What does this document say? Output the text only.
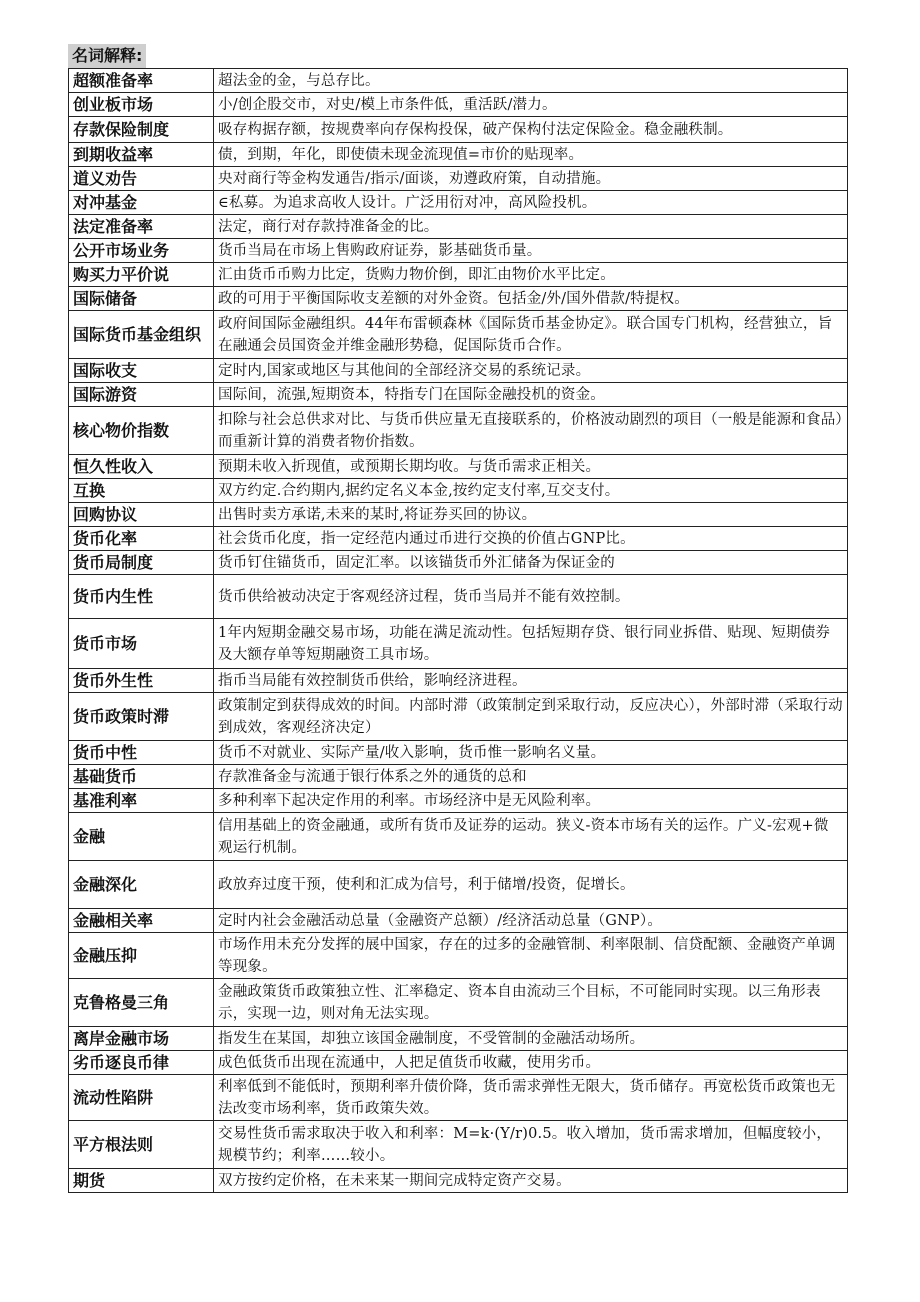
名词解释:
超额准备率	超法金的金，与总存比。
创业板市场	小/创企股交市，对史/模上市条件低，重活跃/潜力。
存款保险制度	吸存构据存额，按规费率向存保构投保，破产保构付法定保险金。稳金融秩制。
到期收益率	债，到期，年化，即使债未现金流现值=市价的贴现率。
道义劝告	央对商行等金构发通告/指示/面谈，劝遵政府策，自动措施。
对冲基金	∈私募。为追求高收人设计。广泛用衍对冲，高风险投机。
法定准备率	法定，商行对存款持准备金的比。
公开市场业务	货币当局在市场上售购政府证券，影基础货币量。
购买力平价说	汇由货币币购力比定，货购力物价倒，即汇由物价水平比定。
国际储备	政的可用于平衡国际收支差额的对外金资。包括金/外/国外借款/特提权。
国际货币基金组织	政府间国际金融组织。44年布雷顿森林《国际货币基金协定》。联合国专门机构，经营独立，旨在融通会员国资金并维金融形势稳，促国际货币合作。
国际收支	定时内,国家或地区与其他间的全部经济交易的系统记录。
国际游资	国际间，流强,短期资本，特指专门在国际金融投机的资金。
核心物价指数	扣除与社会总供求对比、与货币供应量无直接联系的，价格波动剧烈的项目（一般是能源和食品）而重新计算的消费者物价指数。
恒久性收入	预期未收入折现值，或预期长期均收。与货币需求正相关。
互换	双方约定.合约期内,据约定名义本金,按约定支付率,互交支付。
回购协议	出售时卖方承诺,未来的某时,将证券买回的协议。
货币化率	社会货币化度，指一定经范内通过币进行交换的价值占GNP比。
货币局制度	货币钉住锚货币，固定汇率。以该锚货币外汇储备为保证金的
货币内生性	货币供给被动决定于客观经济过程，货币当局并不能有效控制。
货币市场	1年内短期金融交易市场，功能在满足流动性。包括短期存贷、银行同业拆借、贴现、短期债券及大额存单等短期融资工具市场。
货币外生性	指币当局能有效控制货币供给，影响经济进程。
货币政策时滞	政策制定到获得成效的时间。内部时滞（政策制定到采取行动，反应决心），外部时滞（采取行动到成效，客观经济决定）
货币中性	货币不对就业、实际产量/收入影响，货币惟一影响名义量。
基础货币	存款准备金与流通于银行体系之外的通货的总和
基准利率	多种利率下起决定作用的利率。市场经济中是无风险利率。
金融	信用基础上的资金融通，或所有货币及证券的运动。狭义-资本市场有关的运作。广义-宏观+微观运行机制。
金融深化	政放弃过度干预，使利和汇成为信号，利于储增/投资，促增长。
金融相关率	定时内社会金融活动总量（金融资产总额）/经济活动总量（GNP）。
金融压抑	市场作用未充分发挥的展中国家，存在的过多的金融管制、利率限制、信贷配额、金融资产单调等现象。
克鲁格曼三角	金融政策货币政策独立性、汇率稳定、资本自由流动三个目标，不可能同时实现。以三角形表示，实现一边，则对角无法实现。
离岸金融市场	指发生在某国，却独立该国金融制度，不受管制的金融活动场所。
劣币逐良币律	成色低货币出现在流通中，人把足值货币收藏，使用劣币。
流动性陷阱	利率低到不能低时，预期利率升债价降，货币需求弹性无限大，货币储存。再宽松货币政策也无法改变市场利率，货币政策失效。
平方根法则	交易性货币需求取决于收入和利率：M=k·(Y/r)0.5。收入增加，货币需求增加，但幅度较小，规模节约；利率……较小。
期货	双方按约定价格，在未来某一期间完成特定资产交易。
